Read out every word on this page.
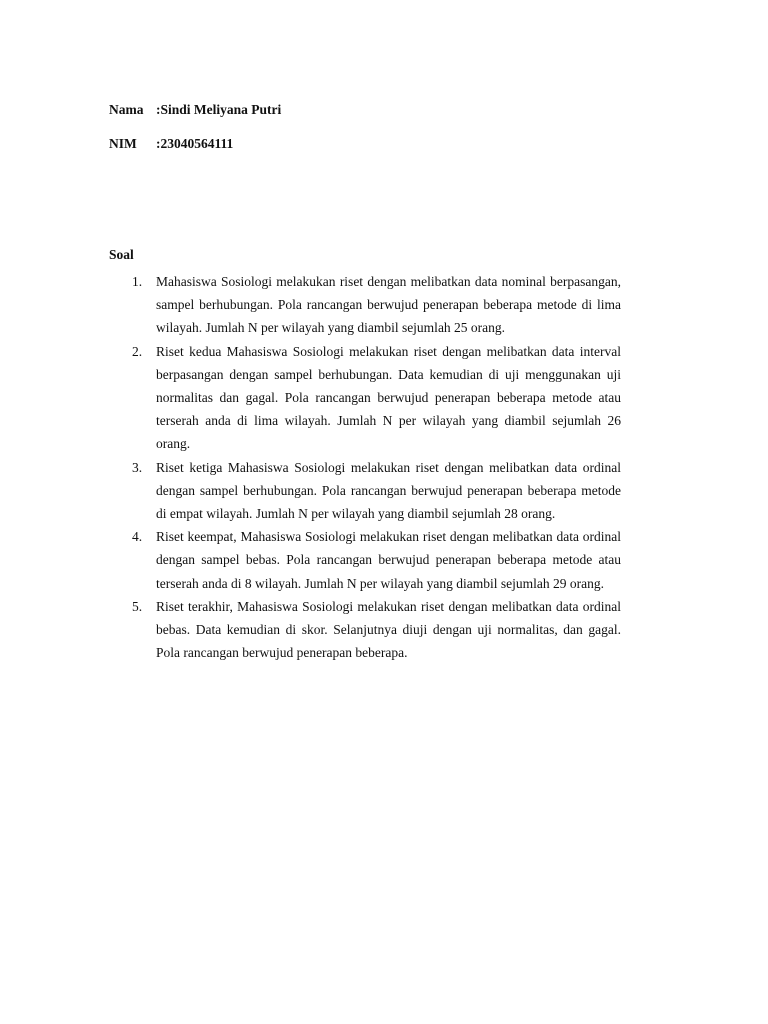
Nama :Sindi Meliyana Putri
NIM :23040564111
Soal
1. Mahasiswa Sosiologi melakukan riset dengan melibatkan data nominal berpasangan, sampel berhubungan. Pola rancangan berwujud penerapan beberapa metode di lima wilayah. Jumlah N per wilayah yang diambil sejumlah 25 orang.
2. Riset kedua Mahasiswa Sosiologi melakukan riset dengan melibatkan data interval berpasangan dengan sampel berhubungan. Data kemudian di uji menggunakan uji normalitas dan gagal. Pola rancangan berwujud penerapan beberapa metode atau terserah anda di lima wilayah. Jumlah N per wilayah yang diambil sejumlah 26 orang.
3. Riset ketiga Mahasiswa Sosiologi melakukan riset dengan melibatkan data ordinal dengan sampel berhubungan. Pola rancangan berwujud penerapan beberapa metode di empat wilayah. Jumlah N per wilayah yang diambil sejumlah 28 orang.
4. Riset keempat, Mahasiswa Sosiologi melakukan riset dengan melibatkan data ordinal dengan sampel bebas. Pola rancangan berwujud penerapan beberapa metode atau terserah anda di 8 wilayah. Jumlah N per wilayah yang diambil sejumlah 29 orang.
5. Riset terakhir, Mahasiswa Sosiologi melakukan riset dengan melibatkan data ordinal bebas. Data kemudian di skor. Selanjutnya diuji dengan uji normalitas, dan gagal. Pola rancangan berwujud penerapan beberapa.
